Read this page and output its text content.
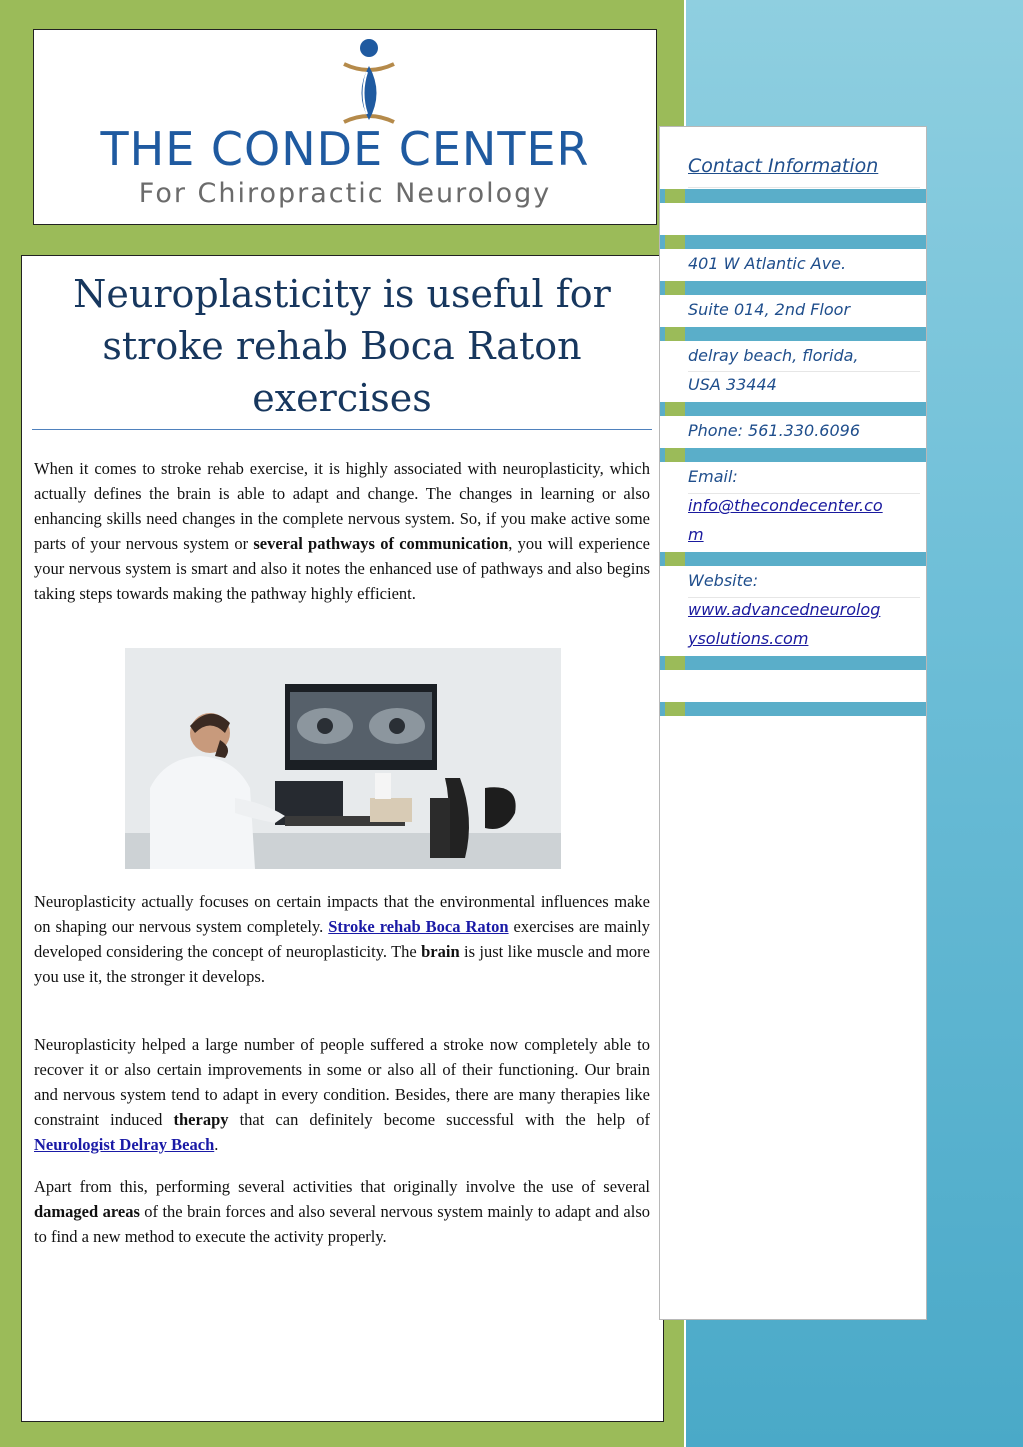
THE CONDE CENTER
For Chiropractic Neurology
Neuroplasticity is useful for stroke rehab Boca Raton exercises

When it comes to stroke rehab exercise, it is highly associated with neuroplasticity, which actually defines the brain is able to adapt and change. The changes in learning or also enhancing skills need changes in the complete nervous system. So, if you make active some parts of your nervous system or several pathways of communication, you will experience your nervous system is smart and also it notes the enhanced use of pathways and also begins taking steps towards making the pathway highly efficient.

Neuroplasticity actually focuses on certain impacts that the environmental influences make on shaping our nervous system completely. Stroke rehab Boca Raton exercises are mainly developed considering the concept of neuroplasticity. The brain is just like muscle and more you use it, the stronger it develops.

Neuroplasticity helped a large number of people suffered a stroke now completely able to recover it or also certain improvements in some or also all of their functioning. Our brain and nervous system tend to adapt in every condition. Besides, there are many therapies like constraint induced therapy that can definitely become successful with the help of Neurologist Delray Beach.

Apart from this, performing several activities that originally involve the use of several damaged areas of the brain forces and also several nervous system mainly to adapt and also to find a new method to execute the activity properly.

Contact Information
401 W Atlantic Ave.
Suite 014, 2nd Floor
delray beach, florida,
USA 33444
Phone: 561.330.6096
Email:
info@thecondecenter.co
m
Website:
www.advancedneurolog
ysolutions.com
